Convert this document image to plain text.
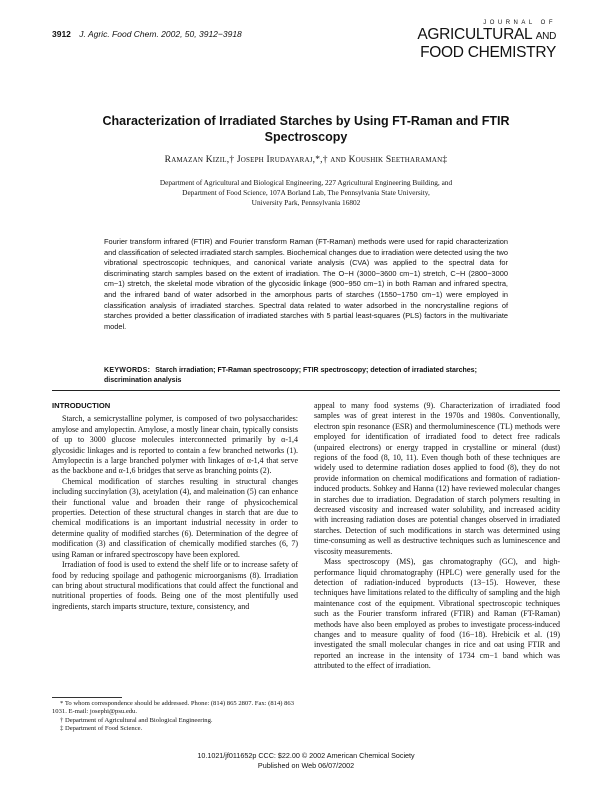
3912 J. Agric. Food Chem. 2002, 50, 3912−3918
JOURNAL OF
AGRICULTURAL AND
FOOD CHEMISTRY
Characterization of Irradiated Starches by Using FT-Raman and FTIR Spectroscopy
Ramazan Kizil,† Joseph Irudayaraj,*,† and Koushik Seetharaman‡
Department of Agricultural and Biological Engineering, 227 Agricultural Engineering Building, and
Department of Food Science, 107A Borland Lab, The Pennsylvania State University,
University Park, Pennsylvania 16802
Fourier transform infrared (FTIR) and Fourier transform Raman (FT-Raman) methods were used for rapid characterization and classification of selected irradiated starch samples. Biochemical changes due to irradiation were detected using the two vibrational spectroscopic techniques, and canonical variate analysis (CVA) was applied to the spectral data for discriminating starch samples based on the extent of irradiation. The O−H (3000−3600 cm−1) stretch, C−H (2800−3000 cm−1) stretch, the skeletal mode vibration of the glycosidic linkage (900−950 cm−1) in both Raman and infrared spectra, and the infrared band of water adsorbed in the amorphous parts of starches (1550−1750 cm−1) were employed in classification analysis of irradiated starches. Spectral data related to water adsorbed in the noncrystalline regions of starches provided a better classification of irradiated starches with 5 partial least-squares (PLS) factors in the multivariate model.
KEYWORDS: Starch irradiation; FT-Raman spectroscopy; FTIR spectroscopy; detection of irradiated starches; discrimination analysis
INTRODUCTION

Starch, a semicrystalline polymer, is composed of two polysaccharides: amylose and amylopectin. Amylose, a mostly linear chain, typically consists of up to 3000 glucose molecules interconnected primarily by α-1,4 glycosidic linkages and is reported to contain a few branched networks (1). Amylopectin is a large branched polymer with linkages of α-1,4 that serve as the backbone and α-1,6 bridges that serve as branching points (2).

Chemical modification of starches resulting in structural changes including succinylation (3), acetylation (4), and maleination (5) can enhance their functional value and broaden their range of physicochemical properties. Detection of these structural changes in starch that are due to chemical modifications is an important industrial necessity in order to determine quality of modified starches (6). Determination of the degree of modification (3) and classification of chemically modified starches (6, 7) using Raman or infrared spectroscopy have been explored.

Irradiation of food is used to extend the shelf life or to increase safety of food by reducing spoilage and pathogenic microorganisms (8). Irradiation can bring about structural modifications that could affect the functional and nutritional properties of foods. Being one of the most plentifully used ingredients, starch imparts structure, texture, consistency, and

appeal to many food systems (9). Characterization of irradiated food samples was of great interest in the 1970s and 1980s. Conventionally, electron spin resonance (ESR) and thermoluminescence (TL) methods were employed for identification of irradiated food to detect free radicals (unpaired electrons) or energy trapped in crystalline or mineral (dust) regions of the food (8, 10, 11). Even though both of these techniques are widely used to determine radiation doses applied to food (8), they do not provide information on chemical modifications and formation of radiation-induced products. Sohkey and Hanna (12) have reviewed molecular changes in starches due to irradiation. Degradation of starch polymers resulting in decreased viscosity and increased water solubility, and increased acidity with increasing radiation doses are potential changes observed in irradiated starches. Detection of such modifications in starch was determined using time-consuming as well as destructive techniques such as luminescence and viscosity measurements.

Mass spectroscopy (MS), gas chromatography (GC), and high-performance liquid chromatography (HPLC) were generally used for the detection of radiation-induced byproducts (13−15). However, these techniques have limitations related to the difficulty of sampling and the high maintenance cost of the equipment. Vibrational spectroscopic techniques such as the Fourier transform infrared (FTIR) and Raman (FT-Raman) methods have also been employed as probes to investigate process-induced changes and to measure quality of food (16−18). Hrebicik et al. (19) investigated the small molecular changes in rice and oat using FTIR and reported an increase in the intensity of 1734 cm−1 band which was attributed to the effect of irradiation.

* To whom correspondence should be addressed. Phone: (814) 865 2807. Fax: (814) 863 1031. E-mail: josephi@psu.edu.

† Department of Agricultural and Biological Engineering.

‡ Department of Food Science.

10.1021/jf011652p CCC: $22.00 © 2002 American Chemical Society
Published on Web 06/07/2002
